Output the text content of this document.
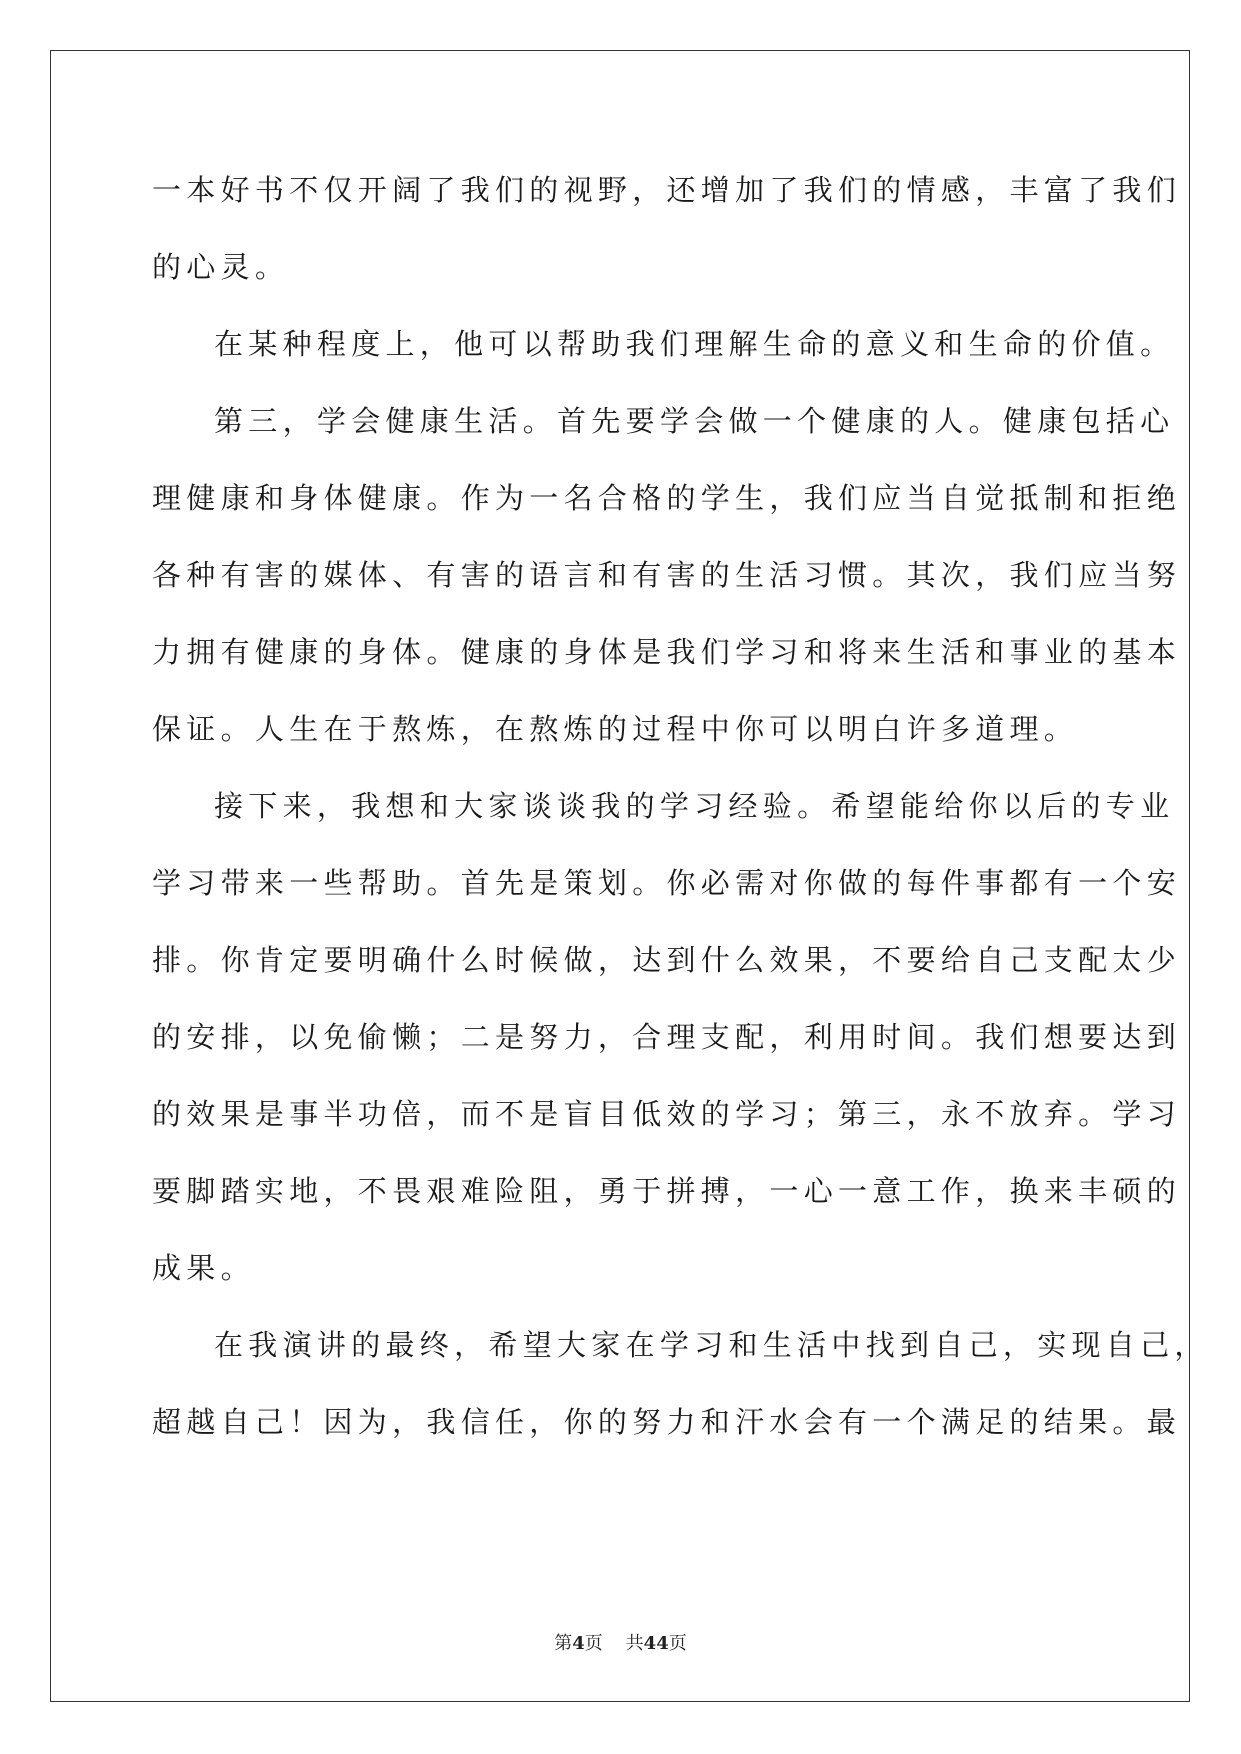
一本好书不仅开阔了我们的视野，还增加了我们的情感，丰富了我们
的心灵。
在某种程度上，他可以帮助我们理解生命的意义和生命的价值。
第三，学会健康生活。首先要学会做一个健康的人。健康包括心
理健康和身体健康。作为一名合格的学生，我们应当自觉抵制和拒绝
各种有害的媒体、有害的语言和有害的生活习惯。其次，我们应当努
力拥有健康的身体。健康的身体是我们学习和将来生活和事业的基本
保证。人生在于熬炼，在熬炼的过程中你可以明白许多道理。
接下来，我想和大家谈谈我的学习经验。希望能给你以后的专业
学习带来一些帮助。首先是策划。你必需对你做的每件事都有一个安
排。你肯定要明确什么时候做，达到什么效果，不要给自己支配太少
的安排，以免偷懒；二是努力，合理支配，利用时间。我们想要达到
的效果是事半功倍，而不是盲目低效的学习；第三，永不放弃。学习
要脚踏实地，不畏艰难险阻，勇于拼搏，一心一意工作，换来丰硕的
成果。
在我演讲的最终，希望大家在学习和生活中找到自己，实现自己，
超越自己！因为，我信任，你的努力和汗水会有一个满足的结果。最
第4页 共44页
